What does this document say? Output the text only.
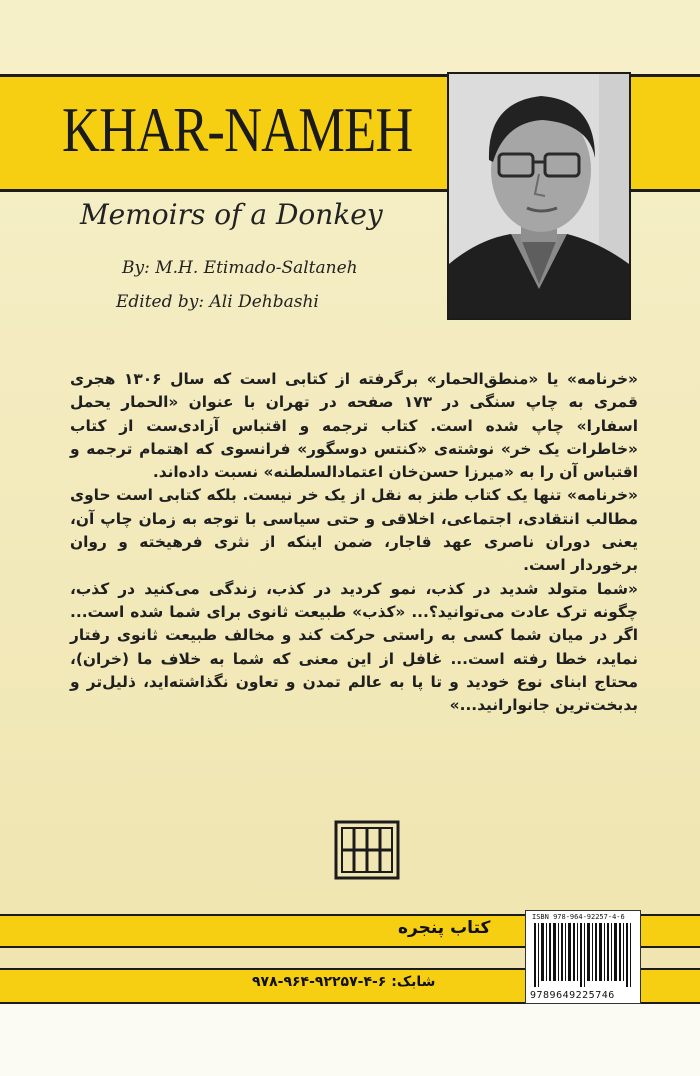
KHAR-NAMEH
Memoirs of a Donkey
By: M.H. Etimado-Saltaneh
Edited by: Ali Dehbashi

«خرنامه» یا «منطق‌الحمار» برگرفته از کتابی است که سال ۱۳۰۶ هجری قمری به چاپ سنگی در ۱۷۳ صفحه در تهران با عنوان «الحمار یحمل اسفارا» چاپ شده است. کتاب ترجمه و اقتباس آزادی‌ست از کتاب «خاطرات یک خر» نوشته‌ی «کنتس دوسگور» فرانسوی که اهتمام ترجمه و اقتباس آن را به «میرزا حسن‌خان اعتمادالسلطنه» نسبت داده‌اند.

«خرنامه» تنها یک کتاب طنز به نقل از یک خر نیست. بلکه کتابی است حاوی مطالب انتقادی، اجتماعی، اخلاقی و حتی سیاسی با توجه به زمان چاپ آن، یعنی دوران ناصری عهد قاجار، ضمن اینکه از نثری فرهیخته و روان برخوردار است.

«شما متولد شدید در کذب، نمو کردید در کذب، زندگی می‌کنید در کذب، چگونه ترک عادت می‌توانید؟... «کذب» طبیعت ثانوی برای شما شده است... اگر در میان شما کسی به راستی حرکت کند و مخالف طبیعت ثانوی رفتار نماید، خطا رفته است... غافل از این معنی که شما به خلاف ما (خران)، محتاج ابنای نوع خودید و تا پا به عالم تمدن و تعاون نگذاشته‌اید، ذلیل‌تر و بدبخت‌ترین جانوارانید...»

کتاب پنجره
شابک: ۶-۴-۹۲۲۵۷-۹۶۴-۹۷۸
ISBN 978-964-92257-4-6
9789649225746
